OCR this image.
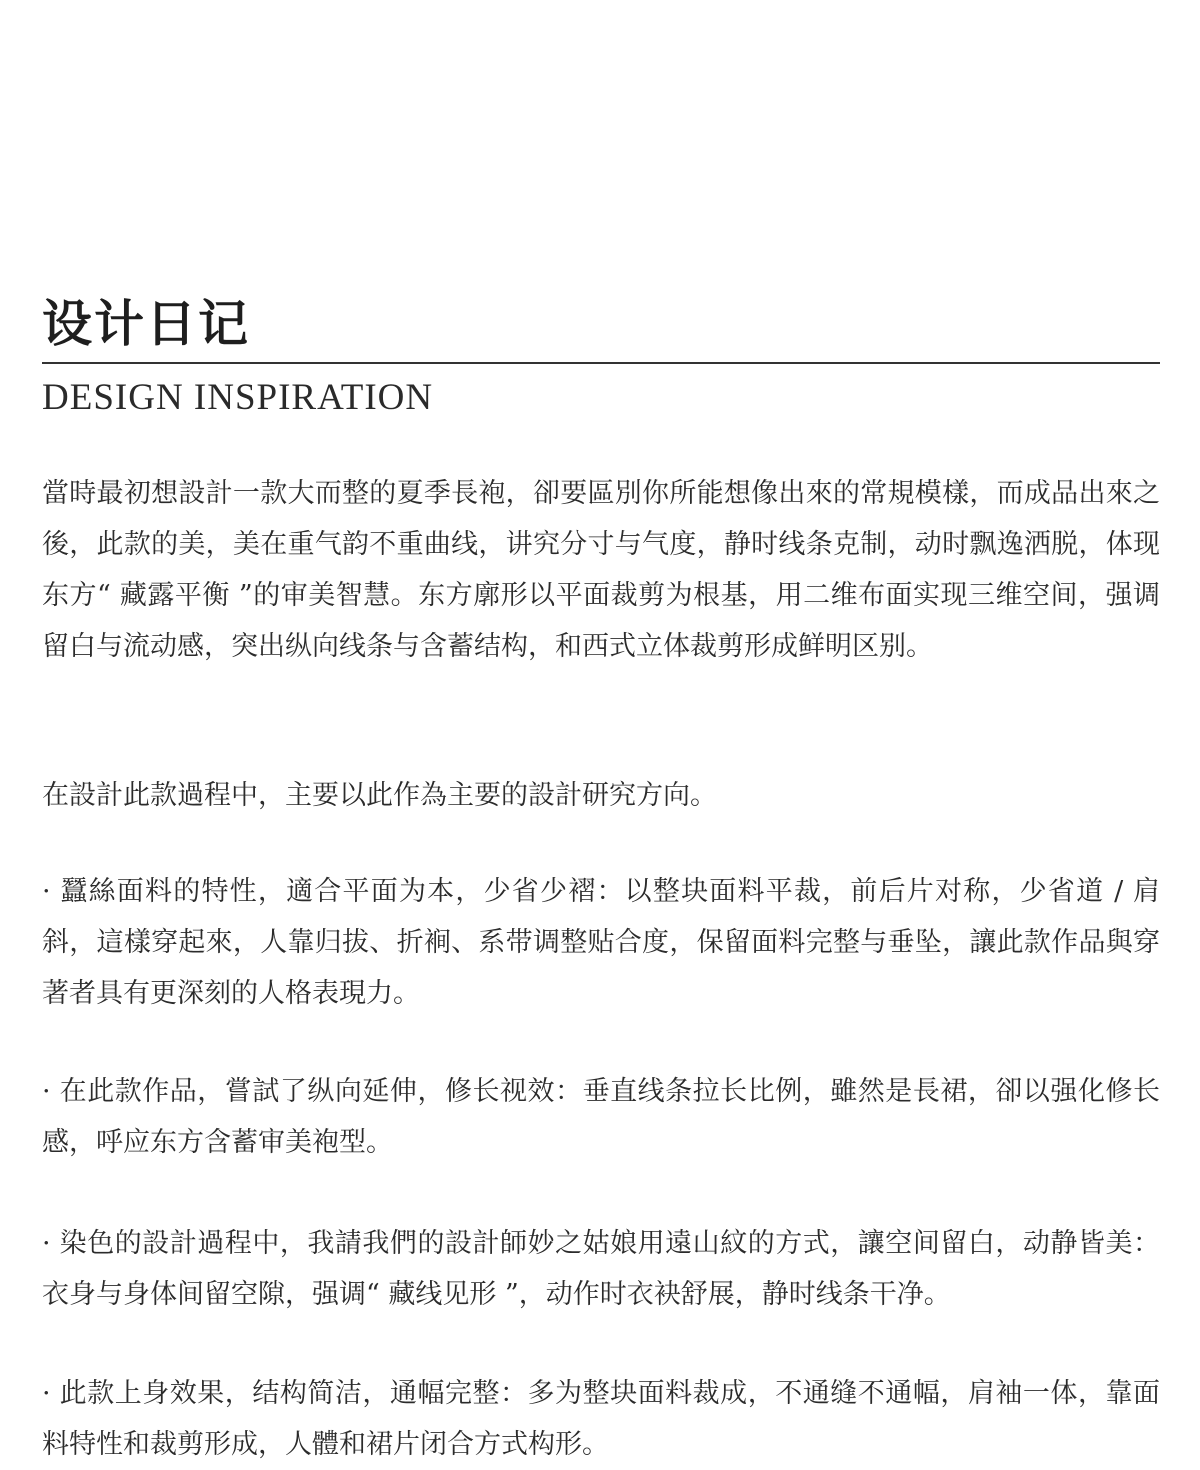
设计日记
DESIGN INSPIRATION

當時最初想設計一款大而整的夏季長袍，卻要區別你所能想像出來的常規模樣，而成品出來之後，此款的美，美在重气韵不重曲线，讲究分寸与气度，静时线条克制，动时飘逸洒脱，体现东方“ 藏露平衡 ”的审美智慧。东方廓形以平面裁剪为根基，用二维布面实现三维空间，强调留白与流动感，突出纵向线条与含蓄结构，和西式立体裁剪形成鲜明区别。

在設計此款過程中，主要以此作為主要的設計研究方向。

· 蠶絲面料的特性，適合平面为本，少省少褶：以整块面料平裁，前后片对称，少省道 / 肩斜，這樣穿起來，人靠归拔、折裥、系带调整贴合度，保留面料完整与垂坠，讓此款作品與穿著者具有更深刻的人格表現力。

· 在此款作品，嘗試了纵向延伸，修长视效：垂直线条拉长比例，雖然是長裙，卻以强化修长感，呼应东方含蓄审美袍型。

· 染色的設計過程中，我請我們的設計師妙之姑娘用遠山紋的方式，讓空间留白，动静皆美：衣身与身体间留空隙，强调“ 藏线见形 ”，动作时衣袂舒展，静时线条干净。

· 此款上身效果，结构简洁，通幅完整：多为整块面料裁成，不通缝不通幅，肩袖一体，靠面料特性和裁剪形成，人體和裙片闭合方式构形。
